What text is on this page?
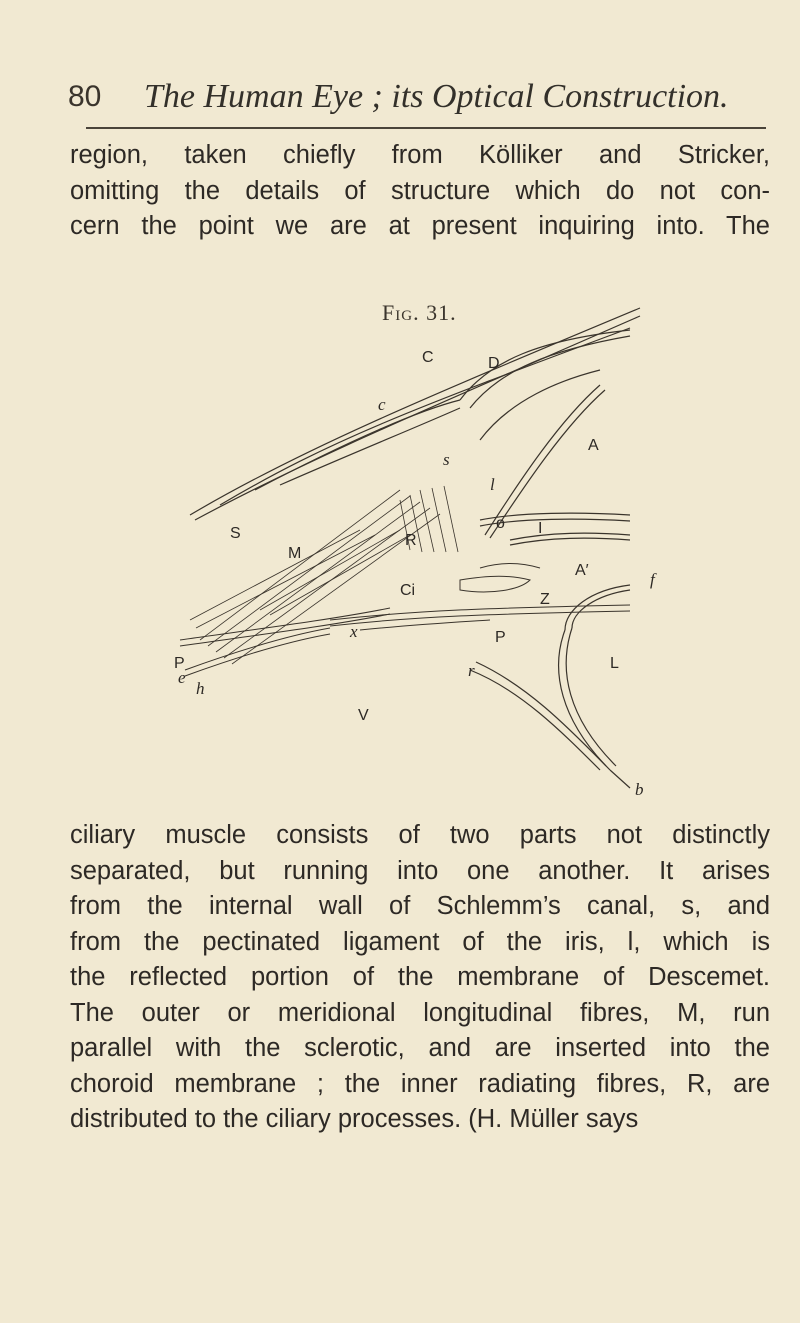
80 The Human Eye ; its Optical Construction.
region, taken chiefly from Kölliker and Stricker,
omitting the details of structure which do not con-
cern the point we are at present inquiring into. The
Fig. 31.
C	D
c
A
s
l
I
o
S
M
R
A′	f
Ci
Z
x	P
P
e
h
r	L
V
b
ciliary muscle consists of two parts not distinctly
separated, but running into one another. It arises
from the internal wall of Schlemm’s canal, s, and
from the pectinated ligament of the iris, l, which is
the reflected portion of the membrane of Descemet.
The outer or meridional longitudinal fibres, M, run
parallel with the sclerotic, and are inserted into the
choroid membrane ; the inner radiating fibres, R, are
distributed to the ciliary processes. (H. Müller says
